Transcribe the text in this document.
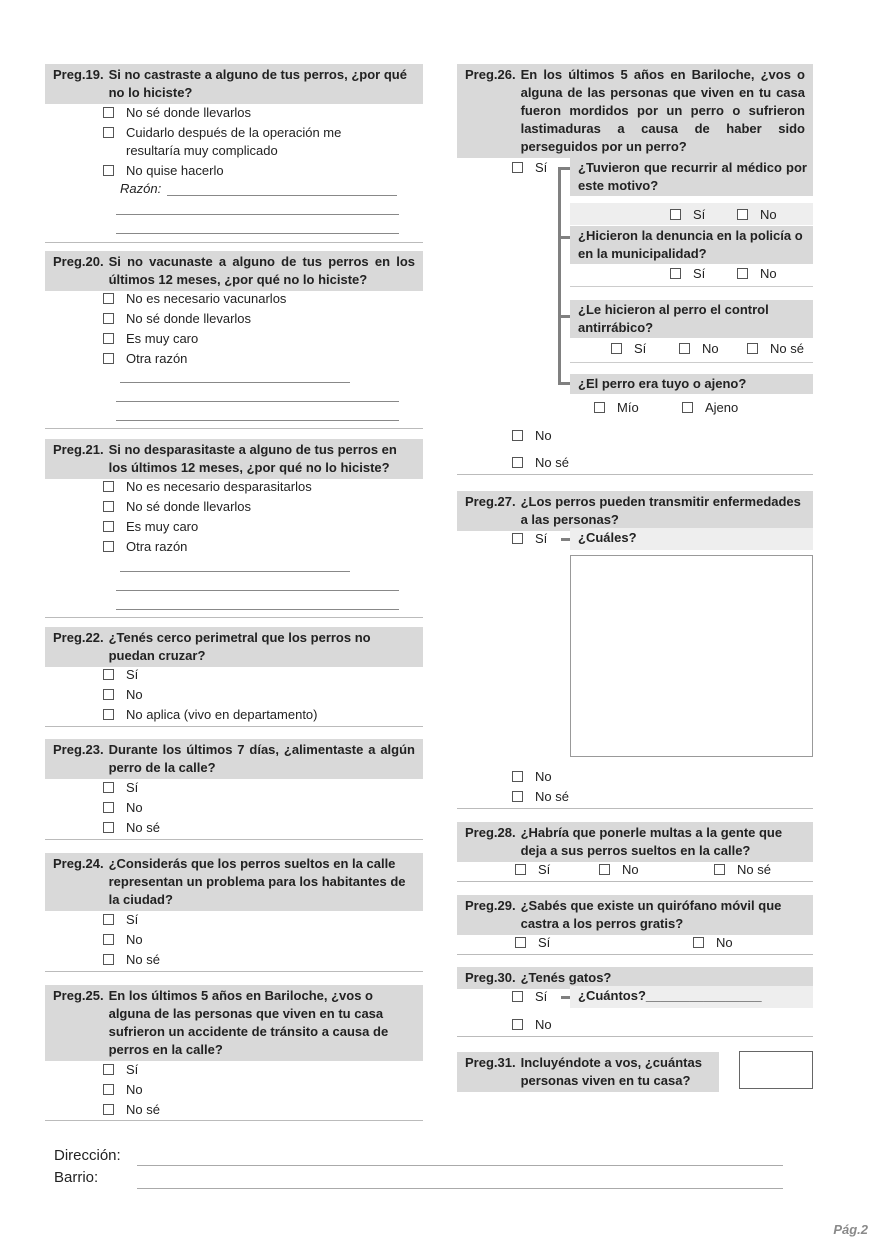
Preg.19. Si no castraste a alguno de tus perros, ¿por qué no lo hiciste?
No sé donde llevarlos
Cuidarlo después de la operación me resultaría muy complicado
No quise hacerlo
Razón:
Preg.20. Si no vacunaste a alguno de tus perros en los últimos 12 meses, ¿por qué no lo hiciste?
No es necesario vacunarlos
No sé donde llevarlos
Es muy caro
Otra razón
Preg.21. Si no desparasitaste a alguno de tus perros en los últimos 12 meses, ¿por qué no lo hiciste?
No es necesario desparasitarlos
No sé donde llevarlos
Es muy caro
Otra razón
Preg.22. ¿Tenés cerco perimetral que los perros no puedan cruzar?
Sí
No
No aplica (vivo en departamento)
Preg.23. Durante los últimos 7 días, ¿alimentaste a algún perro de la calle?
Sí
No
No sé
Preg.24. ¿Considerás que los perros sueltos en la calle representan un problema para los habitantes de la ciudad?
Sí
No
No sé
Preg.25. En los últimos 5 años en Bariloche, ¿vos o alguna de las personas que viven en tu casa sufrieron un accidente de tránsito a causa de perros en la calle?
Sí
No
No sé
Preg.26. En los últimos 5 años en Bariloche, ¿vos o alguna de las personas que viven en tu casa fueron mordidos por un perro o sufrieron lastimaduras a causa de haber sido perseguidos por un perro?
Sí	¿Tuvieron que recurrir al médico por este motivo?
Sí	No
¿Hicieron la denuncia en la policía o en la municipalidad?
Sí	No
¿Le hicieron al perro el control antirrábico?
Sí	No	No sé
¿El perro era tuyo o ajeno?
Mío	Ajeno
No
No sé
Preg.27. ¿Los perros pueden transmitir enfermedades a las personas?
Sí	¿Cuáles?
No
No sé
Preg.28. ¿Habría que ponerle multas a la gente que deja a sus perros sueltos en la calle?
Sí	No	No sé
Preg.29. ¿Sabés que existe un quirófano móvil que castra a los perros gratis?
Sí	No
Preg.30. ¿Tenés gatos?
Sí	¿Cuántos?________________
No
Preg.31. Incluyéndote a vos, ¿cuántas personas viven en tu casa?
Dirección:
Barrio:
Pág.2
